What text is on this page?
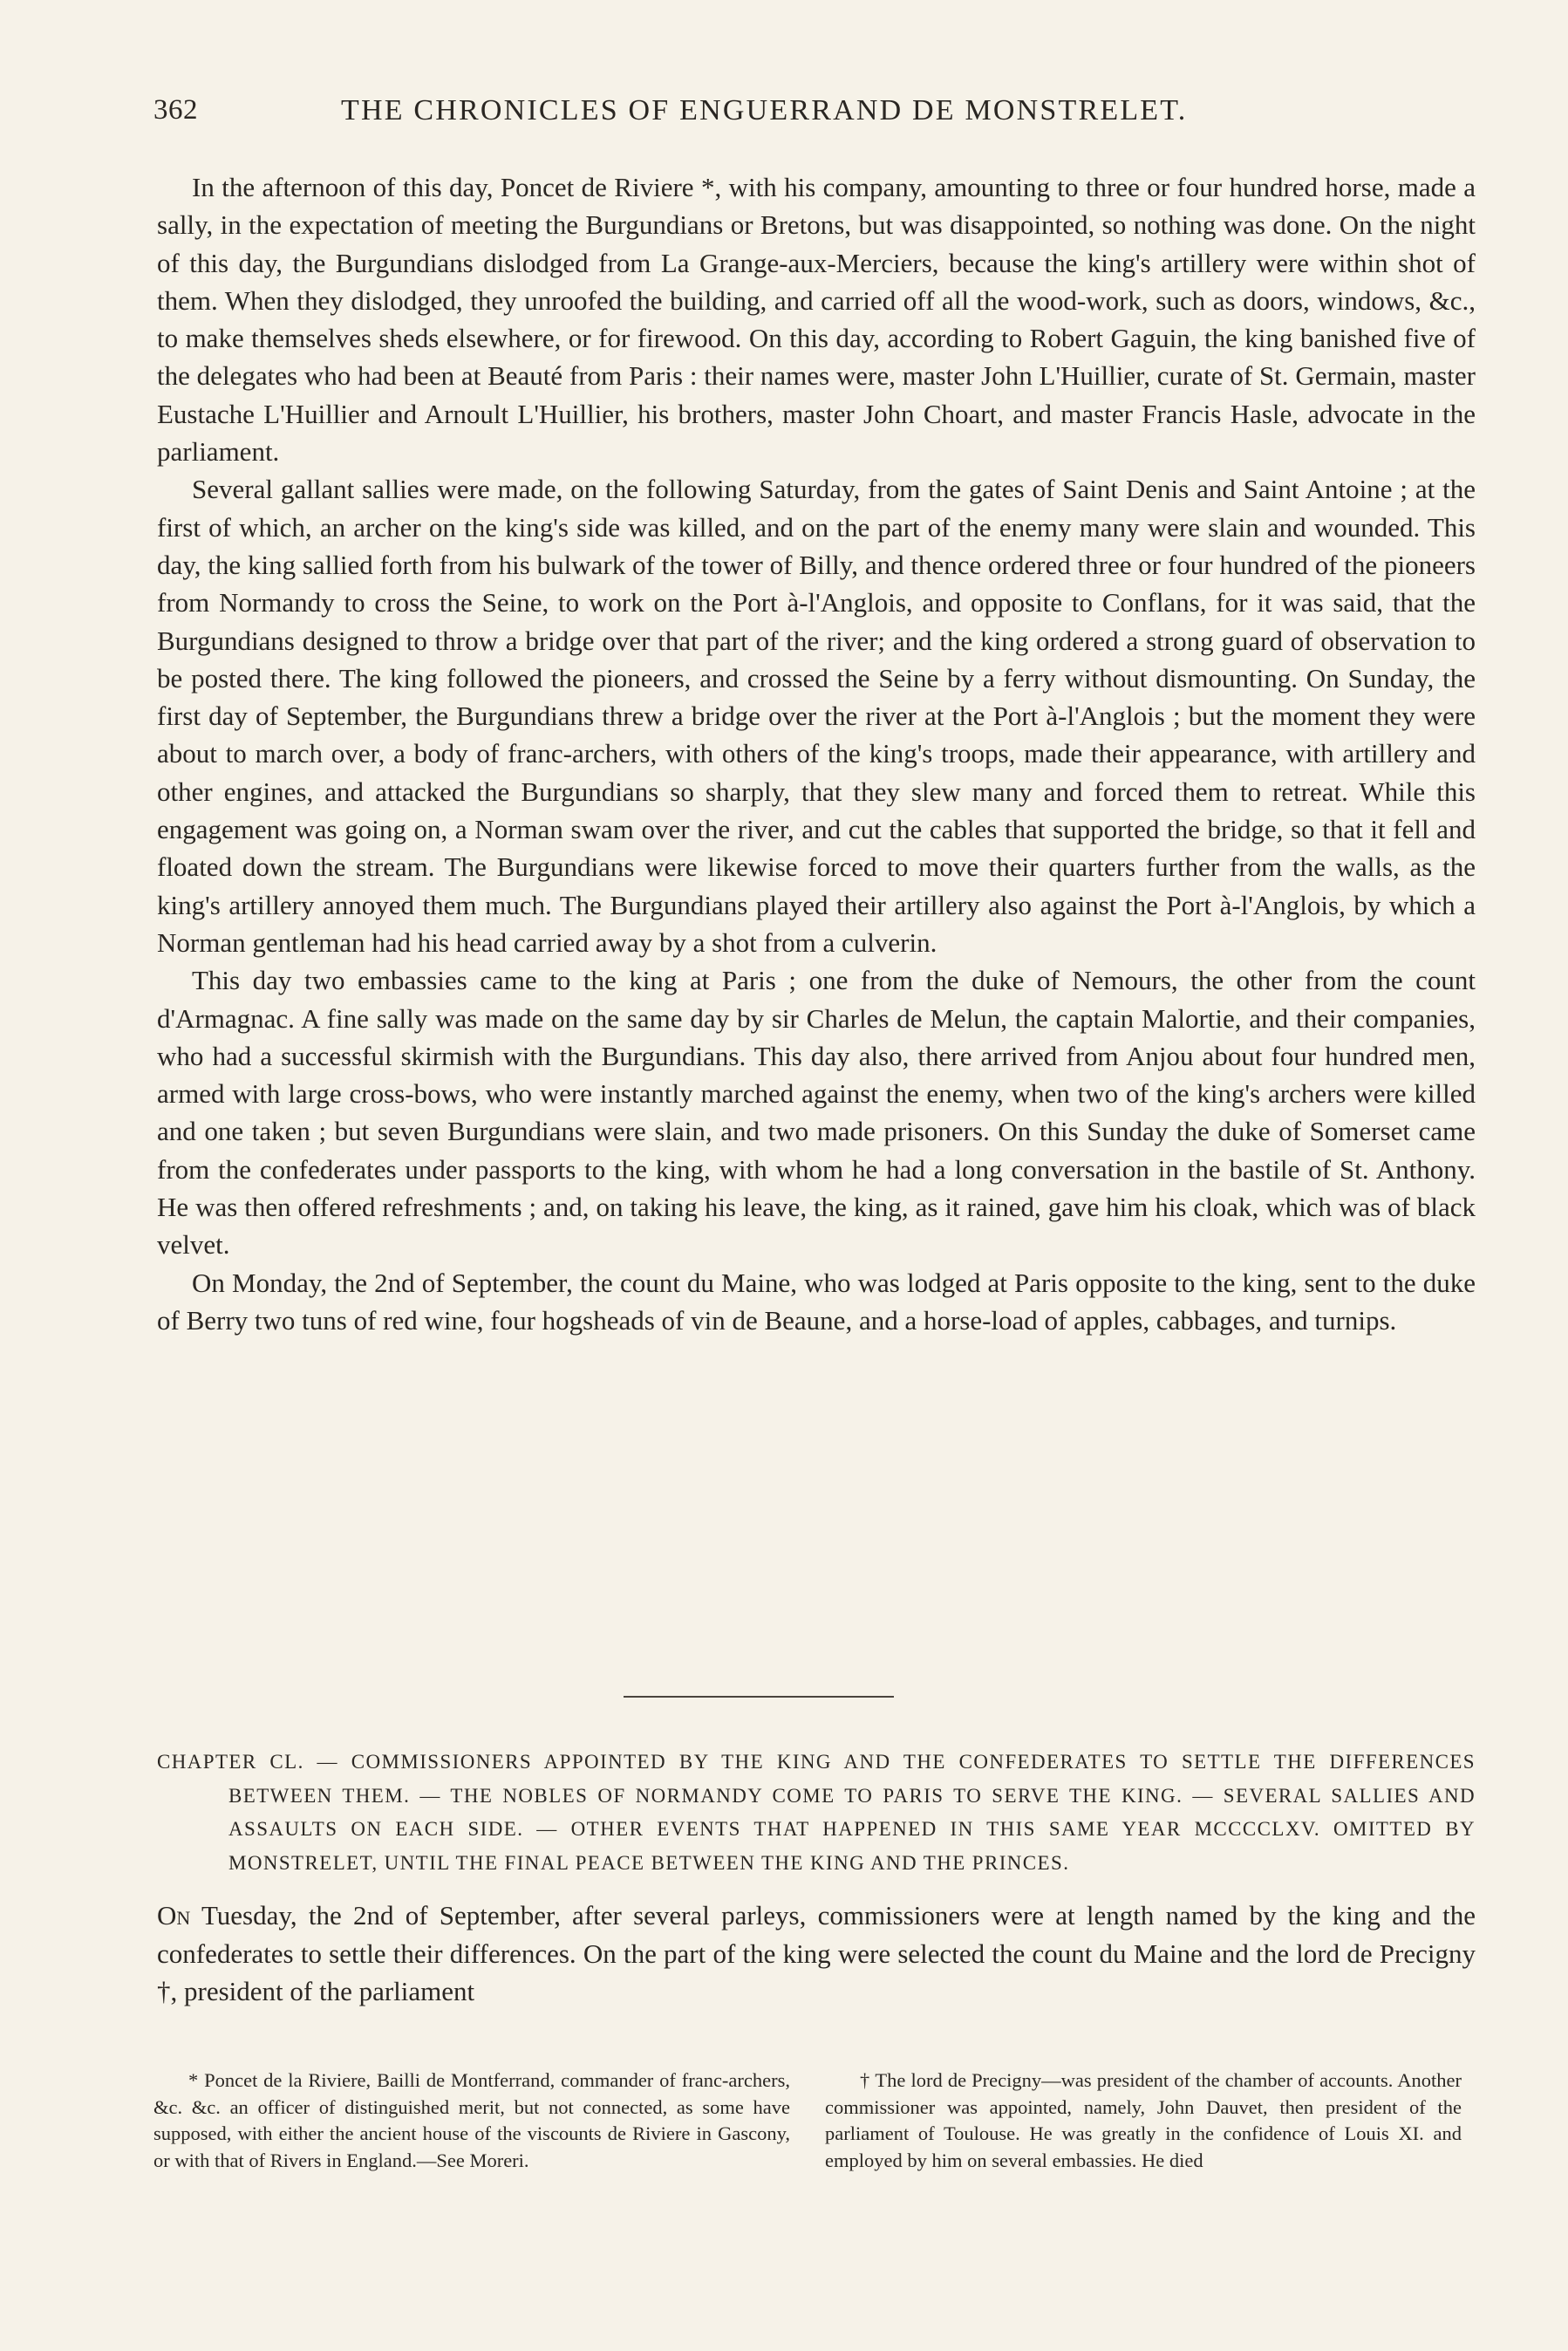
362	THE CHRONICLES OF ENGUERRAND DE MONSTRELET.

In the afternoon of this day, Poncet de Riviere *, with his company, amounting to three or four hundred horse, made a sally, in the expectation of meeting the Burgundians or Bretons, but was disappointed, so nothing was done. On the night of this day, the Burgundians dislodged from La Grange-aux-Merciers, because the king's artillery were within shot of them. When they dislodged, they unroofed the building, and carried off all the wood-work, such as doors, windows, &c., to make themselves sheds elsewhere, or for firewood. On this day, according to Robert Gaguin, the king banished five of the delegates who had been at Beauté from Paris : their names were, master John L'Huillier, curate of St. Germain, master Eustache L'Huillier and Arnoult L'Huillier, his brothers, master John Choart, and master Francis Hasle, advocate in the parliament.

Several gallant sallies were made, on the following Saturday, from the gates of Saint Denis and Saint Antoine ; at the first of which, an archer on the king's side was killed, and on the part of the enemy many were slain and wounded. This day, the king sallied forth from his bulwark of the tower of Billy, and thence ordered three or four hundred of the pioneers from Normandy to cross the Seine, to work on the Port à-l'Anglois, and opposite to Conflans, for it was said, that the Burgundians designed to throw a bridge over that part of the river; and the king ordered a strong guard of observation to be posted there. The king followed the pioneers, and crossed the Seine by a ferry without dismounting. On Sunday, the first day of September, the Burgundians threw a bridge over the river at the Port à-l'Anglois ; but the moment they were about to march over, a body of franc-archers, with others of the king's troops, made their appearance, with artillery and other engines, and attacked the Burgundians so sharply, that they slew many and forced them to retreat. While this engagement was going on, a Norman swam over the river, and cut the cables that supported the bridge, so that it fell and floated down the stream. The Burgundians were likewise forced to move their quarters further from the walls, as the king's artillery annoyed them much. The Burgundians played their artillery also against the Port à-l'Anglois, by which a Norman gentleman had his head carried away by a shot from a culverin.

This day two embassies came to the king at Paris ; one from the duke of Nemours, the other from the count d'Armagnac. A fine sally was made on the same day by sir Charles de Melun, the captain Malortie, and their companies, who had a successful skirmish with the Burgundians. This day also, there arrived from Anjou about four hundred men, armed with large cross-bows, who were instantly marched against the enemy, when two of the king's archers were killed and one taken ; but seven Burgundians were slain, and two made prisoners. On this Sunday the duke of Somerset came from the confederates under passports to the king, with whom he had a long conversation in the bastile of St. Anthony. He was then offered refreshments ; and, on taking his leave, the king, as it rained, gave him his cloak, which was of black velvet.

On Monday, the 2nd of September, the count du Maine, who was lodged at Paris opposite to the king, sent to the duke of Berry two tuns of red wine, four hogsheads of vin de Beaune, and a horse-load of apples, cabbages, and turnips.

CHAPTER CL. — COMMISSIONERS APPOINTED BY THE KING AND THE CONFEDERATES TO SETTLE THE DIFFERENCES BETWEEN THEM. — THE NOBLES OF NORMANDY COME TO PARIS TO SERVE THE KING. — SEVERAL SALLIES AND ASSAULTS ON EACH SIDE. — OTHER EVENTS THAT HAPPENED IN THIS SAME YEAR MCCCCLXV. OMITTED BY MONSTRELET, UNTIL THE FINAL PEACE BETWEEN THE KING AND THE PRINCES.

On Tuesday, the 2nd of September, after several parleys, commissioners were at length named by the king and the confederates to settle their differences. On the part of the king were selected the count du Maine and the lord de Precigny †, president of the parliament

* Poncet de la Riviere, Bailli de Montferrand, commander of franc-archers, &c. &c. an officer of distinguished merit, but not connected, as some have supposed, with either the ancient house of the viscounts de Riviere in Gascony, or with that of Rivers in England.—See Moreri.

† The lord de Precigny—was president of the chamber of accounts. Another commissioner was appointed, namely, John Dauvet, then president of the parliament of Toulouse. He was greatly in the confidence of Louis XI. and employed by him on several embassies. He died
